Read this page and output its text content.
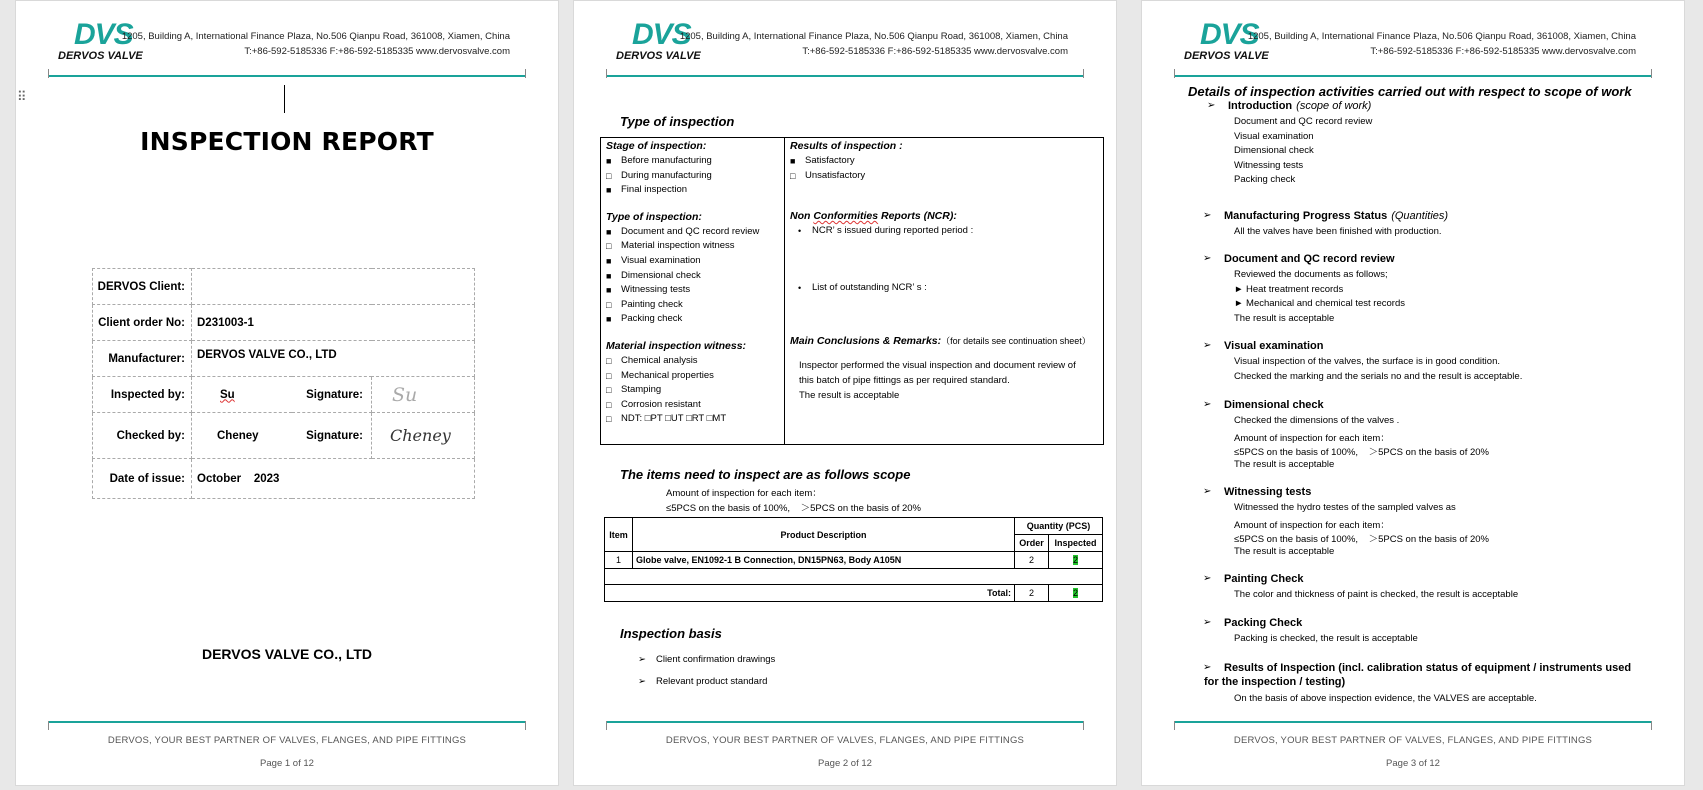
DVS
DERVOS VALVE
1205, Building A, International Finance Plaza, No.506 Qianpu Road, 361008, Xiamen, China
T:+86-592-5185336 F:+86-592-5185335 www.dervosvalve.com
⠿
INSPECTION REPORT
DERVOS Client:			
Client order No:	D231003-1		
Manufacturer:	DERVOS VALVE CO., LTD		
Inspected by:	Su	Signature:	Su
Checked by:	Cheney	Signature:	Cheney
Date of issue:	October    2023		
DERVOS VALVE CO., LTD
DERVOS, YOUR BEST PARTNER OF VALVES, FLANGES, AND PIPE FITTINGS
Page 1 of 12
DVS
DERVOS VALVE
1205, Building A, International Finance Plaza, No.506 Qianpu Road, 361008, Xiamen, China
T:+86-592-5185336 F:+86-592-5185335 www.dervosvalve.com
Type of inspection
Stage of inspection:
■ Before manufacturing
□ During manufacturing
■ Final inspection
Type of inspection:
■ Document and QC record review
□ Material inspection witness
■ Visual examination
■ Dimensional check
■ Witnessing tests
□ Painting check
■ Packing check
Material inspection witness:
□ Chemical analysis
□ Mechanical properties
□ Stamping
□ Corrosion resistant
□ NDT: □PT □UT □RT □MT
Results of inspection :
■ Satisfactory
□ Unsatisfactory
Non Conformities Reports (NCR):
• NCR’ s issued during reported period :
• List of outstanding NCR’ s :
Main Conclusions & Remarks:（for details see continuation sheet）
Inspector performed the visual inspection and document review of
this batch of pipe fittings as per required standard.
The result is acceptable
The items need to inspect are as follows scope
Amount of inspection for each item：
≤5PCS on the basis of 100%,    ＞5PCS on the basis of 20%
Item	Product Description	Quantity (PCS)	
		Order	Inspected
1	Globe valve, EN1092-1 B Connection, DN15PN63, Body A105N	2	2

Total:		2	2
Inspection basis
➢ Client confirmation drawings
➢ Relevant product standard
DERVOS, YOUR BEST PARTNER OF VALVES, FLANGES, AND PIPE FITTINGS
Page 2 of 12
DVS
DERVOS VALVE
1205, Building A, International Finance Plaza, No.506 Qianpu Road, 361008, Xiamen, China
T:+86-592-5185336 F:+86-592-5185335 www.dervosvalve.com
Details of inspection activities carried out with respect to scope of work
➢ Introduction (scope of work)
Document and QC record review
Visual examination
Dimensional check
Witnessing tests
Packing check
➢ Manufacturing Progress Status (Quantities)
All the valves have been finished with production.
➢ Document and QC record review
Reviewed the documents as follows;
► Heat treatment records
► Mechanical and chemical test records
The result is acceptable
➢ Visual examination
Visual inspection of the valves, the surface is in good condition.
Checked the marking and the serials no and the result is acceptable.
➢ Dimensional check
Checked the dimensions of the valves .
Amount of inspection for each item：
≤5PCS on the basis of 100%,    ＞5PCS on the basis of 20%
The result is acceptable
➢ Witnessing tests
Witnessed the hydro testes of the sampled valves as
Amount of inspection for each item：
≤5PCS on the basis of 100%,    ＞5PCS on the basis of 20%
The result is acceptable
➢ Painting Check
The color and thickness of paint is checked, the result is acceptable
➢ Packing Check
Packing is checked, the result is acceptable
➢ Results of Inspection (incl. calibration status of equipment / instruments used
for the inspection / testing)
On the basis of above inspection evidence, the VALVES are acceptable.
DERVOS, YOUR BEST PARTNER OF VALVES, FLANGES, AND PIPE FITTINGS
Page 3 of 12
